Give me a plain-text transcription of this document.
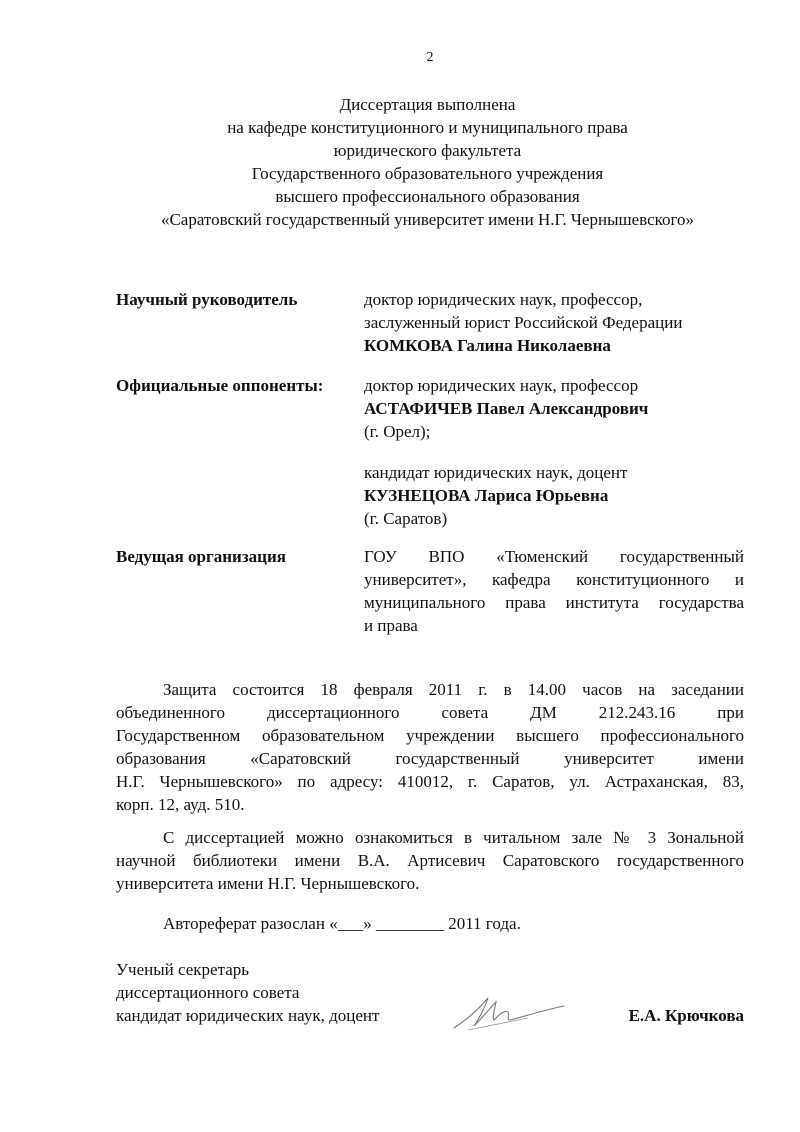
2
Диссертация выполнена
на кафедре конституционного и муниципального права
юридического факультета
Государственного образовательного учреждения
высшего профессионального образования
«Саратовский государственный университет имени Н.Г. Чернышевского»
Научный руководитель	доктор юридических наук, профессор,
заслуженный юрист Российской Федерации
КОМКОВА Галина Николаевна
Официальные оппоненты: доктор юридических наук, профессор
АСТАФИЧЕВ Павел Александрович
(г. Орел);
кандидат юридических наук, доцент
КУЗНЕЦОВА Лариса Юрьевна
(г. Саратов)
Ведущая организация	ГОУ ВПО «Тюменский государственный
университет», кафедра конституционного и
муниципального права института государства
и права
Защита состоится 18 февраля 2011 г. в 14.00 часов на заседании
объединенного диссертационного совета ДМ 212.243.16 при
Государственном образовательном учреждении высшего профессионального
образования «Саратовский государственный университет имени
Н.Г. Чернышевского» по адресу: 410012, г. Саратов, ул. Астраханская, 83,
корп. 12, ауд. 510.
С диссертацией можно ознакомиться в читальном зале № 3 Зональной
научной библиотеки имени В.А. Артисевич Саратовского государственного
университета имени Н.Г. Чернышевского.
Автореферат разослан «___» ________ 2011 года.
Ученый секретарь
диссертационного совета
кандидат юридических наук, доцент	Е.А. Крючкова
